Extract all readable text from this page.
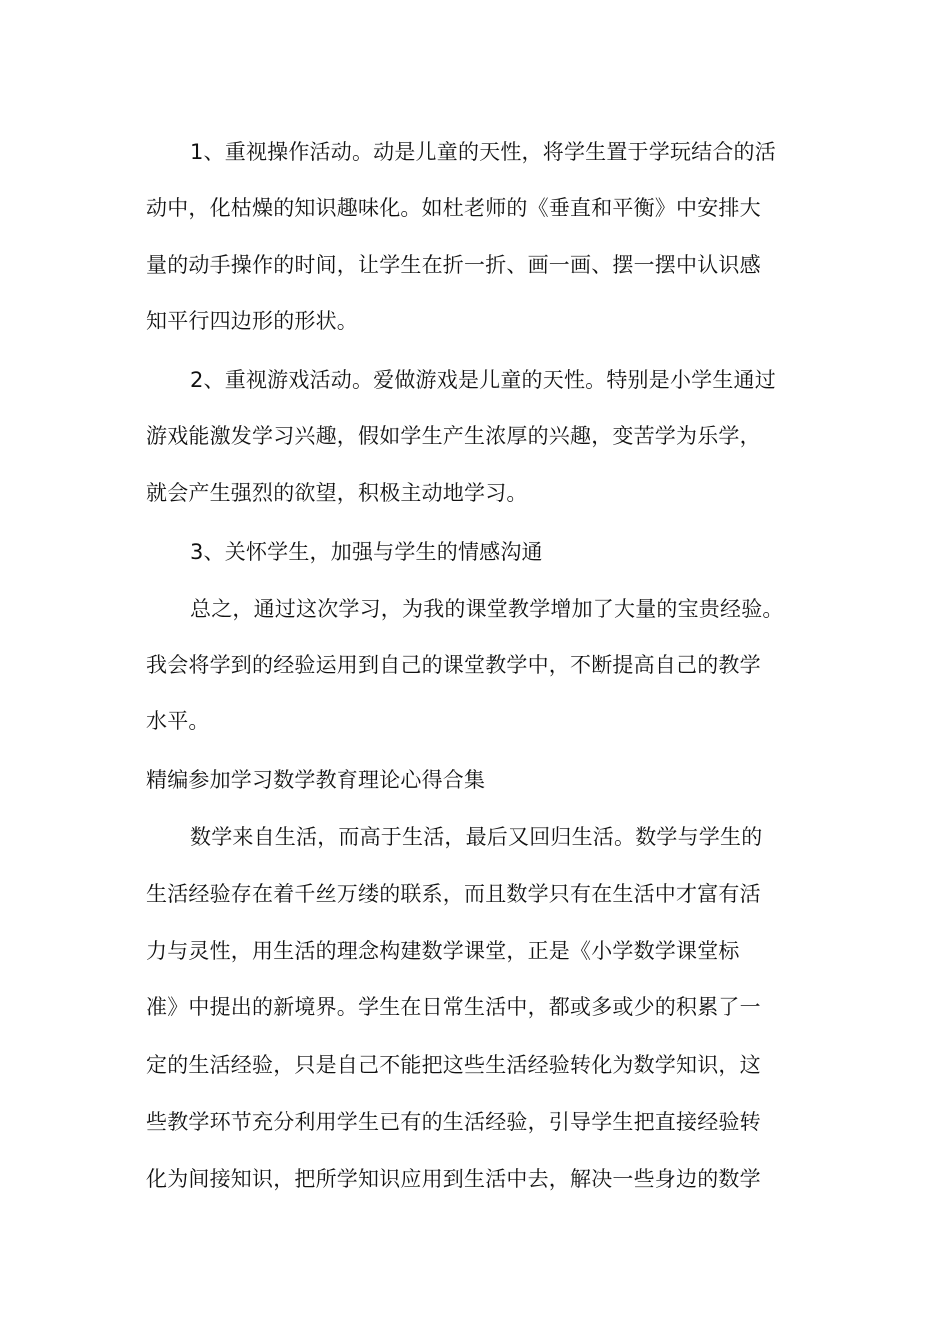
1、重视操作活动。动是儿童的天性，将学生置于学玩结合的活
动中，化枯燥的知识趣味化。如杜老师的《垂直和平衡》中安排大
量的动手操作的时间，让学生在折一折、画一画、摆一摆中认识感
知平行四边形的形状。
2、重视游戏活动。爱做游戏是儿童的天性。特别是小学生通过
游戏能激发学习兴趣，假如学生产生浓厚的兴趣，变苦学为乐学，
就会产生强烈的欲望，积极主动地学习。
3、关怀学生，加强与学生的情感沟通
总之，通过这次学习，为我的课堂教学增加了大量的宝贵经验。
我会将学到的经验运用到自己的课堂教学中，不断提高自己的教学
水平。
精编参加学习数学教育理论心得合集
数学来自生活，而高于生活，最后又回归生活。数学与学生的
生活经验存在着千丝万缕的联系，而且数学只有在生活中才富有活
力与灵性，用生活的理念构建数学课堂，正是《小学数学课堂标
准》中提出的新境界。学生在日常生活中，都或多或少的积累了一
定的生活经验，只是自己不能把这些生活经验转化为数学知识，这
些教学环节充分利用学生已有的生活经验，引导学生把直接经验转
化为间接知识，把所学知识应用到生活中去，解决一些身边的数学
